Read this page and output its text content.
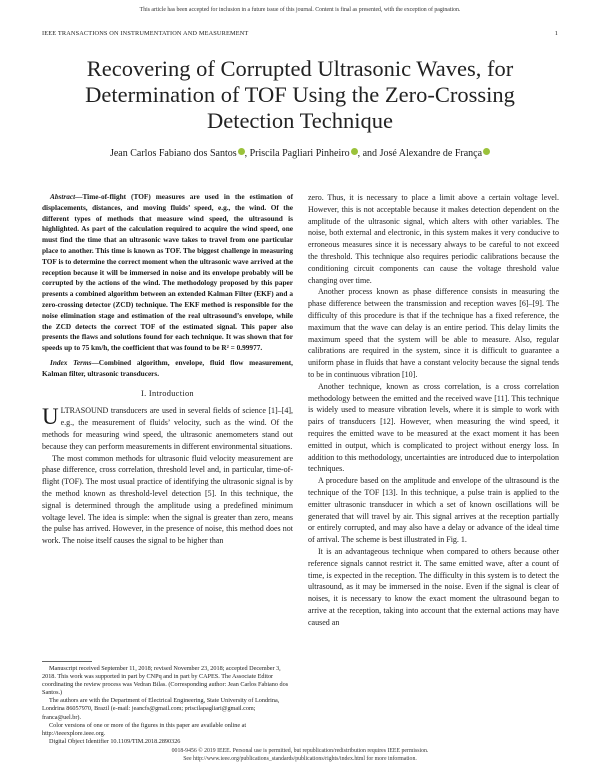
This article has been accepted for inclusion in a future issue of this journal. Content is final as presented, with the exception of pagination.
IEEE TRANSACTIONS ON INSTRUMENTATION AND MEASUREMENT	1
Recovering of Corrupted Ultrasonic Waves, for Determination of TOF Using the Zero-Crossing Detection Technique
Jean Carlos Fabiano dos Santos , Priscila Pagliari Pinheiro , and José Alexandre de França

Abstract—Time-of-flight (TOF) measures are used in the estimation of displacements, distances, and moving fluids’ speed, e.g., the wind. Of the different types of methods that measure wind speed, the ultrasound is highlighted. As part of the calculation required to acquire the wind speed, one must find the time that an ultrasonic wave takes to travel from one particular place to another. This time is known as TOF. The biggest challenge in measuring TOF is to determine the correct moment when the ultrasonic wave arrived at the reception because it will be immersed in noise and its envelope probably will be corrupted by the actions of the wind. The methodology proposed by this paper presents a combined algorithm between an extended Kalman Filter (EKF) and a zero-crossing detector (ZCD) technique. The EKF method is responsible for the noise elimination stage and estimation of the real ultrasound’s envelope, while the ZCD detects the correct TOF of the estimated signal. This paper also presents the flaws and solutions found for each technique. It was shown that for speeds up to 75 km/h, the coefficient that was found to be R² = 0.99977.

Index Terms—Combined algorithm, envelope, fluid flow measurement, Kalman filter, ultrasonic transducers.

I. Introduction

ULTRASOUND transducers are used in several fields of science [1]–[4], e.g., the measurement of fluids’ velocity, such as the wind. Of the methods for measuring wind speed, the ultrasonic anemometers stand out because they can perform measurements in different environmental situations.

The most common methods for ultrasonic fluid velocity measurement are phase difference, cross correlation, threshold level and, in particular, time-of-flight (TOF). The most usual practice of identifying the ultrasonic signal is by the method known as threshold-level detection [5]. In this technique, the signal is determined through the amplitude using a predefined minimum voltage level. The idea is simple: when the signal is greater than zero, means the pulse has arrived. However, in the presence of noise, this method does not work. The noise itself causes the signal to be higher than

zero. Thus, it is necessary to place a limit above a certain voltage level. However, this is not acceptable because it makes detection dependent on the amplitude of the ultrasonic signal, which alters with other variables. The noise, both external and electronic, in this system makes it very conducive to erroneous measures since it is necessary always to be careful to not exceed the threshold. This technique also requires periodic calibrations because the conditioning circuit components can cause the voltage threshold value changing over time.

Another process known as phase difference consists in measuring the phase difference between the transmission and reception waves [6]–[9]. The difficulty of this procedure is that if the technique has a fixed reference, the maximum that the wave can delay is an entire period. This delay limits the maximum speed that the system will be able to measure. Also, regular calibrations are required in the system, since it is difficult to guarantee a uniform phase in fluids that have a constant velocity because the signal tends to be in continuous vibration [10].

Another technique, known as cross correlation, is a cross correlation methodology between the emitted and the received wave [11]. This technique is widely used to measure vibration levels, where it is simple to work with pairs of transducers [12]. However, when measuring the wind speed, it requires the emitted wave to be measured at the exact moment it has been emitted in output, which is complicated to project without energy loss. In addition to this methodology, uncertainties are introduced due to interpolation techniques.

A procedure based on the amplitude and envelope of the ultrasound is the technique of the TOF [13]. In this technique, a pulse train is applied to the emitter ultrasonic transducer in which a set of known oscillations will be generated that will travel by air. This signal arrives at the reception partially or entirely corrupted, and may also have a delay or advance of the ideal time of arrival. The scheme is best illustrated in Fig. 1.

It is an advantageous technique when compared to others because other reference signals cannot restrict it. The same emitted wave, after a count of time, is expected in the reception. The difficulty in this system is to detect the ultrasound, as it may be immersed in the noise. Even if the signal is clear of noises, it is necessary to know the exact moment the ultrasound began to arrive at the reception, taking into account that the external actions may have caused an

Manuscript received September 11, 2018; revised November 23, 2018; accepted December 3, 2018. This work was supported in part by CNPq and in part by CAPES. The Associate Editor coordinating the review process was Vedran Bilas. (Corresponding author: Jean Carlos Fabiano dos Santos.)

The authors are with the Department of Electrical Engineering, State University of Londrina, Londrina 86057970, Brazil (e-mail: jeancfs@gmail.com; priscilapagliari@gmail.com; franca@uel.br).

Color versions of one or more of the figures in this paper are available online at http://ieeexplore.ieee.org.

Digital Object Identifier 10.1109/TIM.2018.2890326

0018-9456 © 2019 IEEE. Personal use is permitted, but republication/redistribution requires IEEE permission.
See http://www.ieee.org/publications_standards/publications/rights/index.html for more information.
